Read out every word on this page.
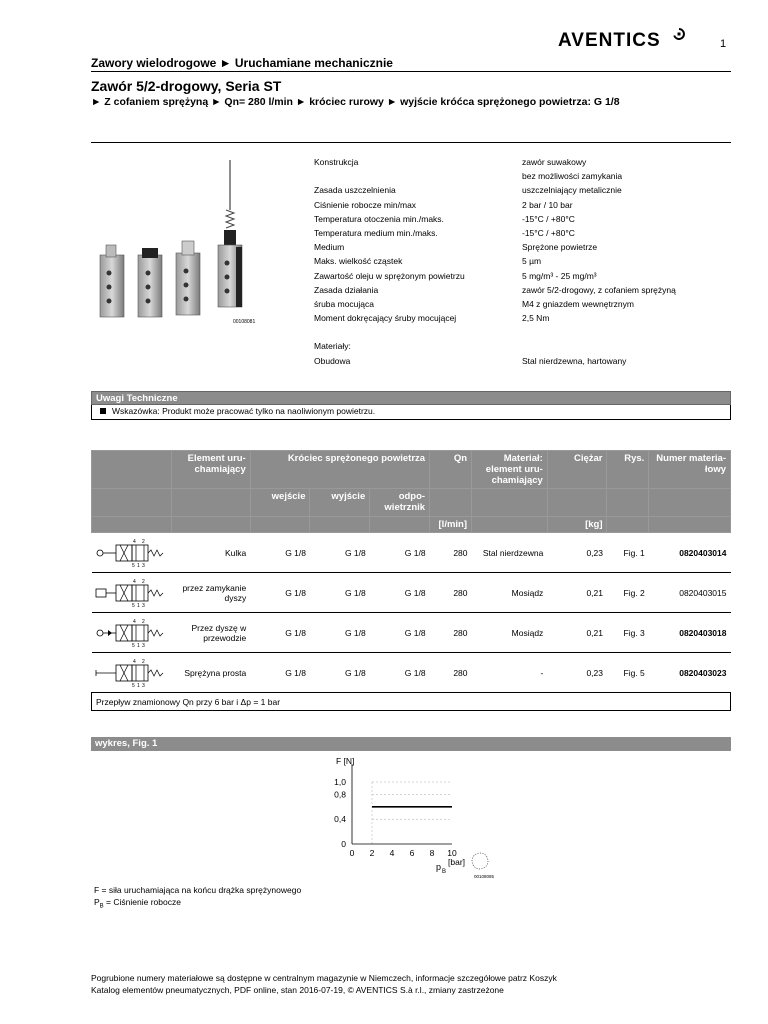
AVENTICS	1
Zawory wielodrogowe ► Uruchamiane mechanicznie
Zawór 5/2-drogowy, Seria ST
► Z cofaniem sprężyną ► Qn= 280 l/min ► króciec rurowy ► wyjście króćca sprężonego powietrza: G 1/8
00108081
Konstrukcja	zawór suwakowy
bez możliwości zamykania
Zasada uszczelnienia	uszczelniający metalicznie
Ciśnienie robocze min/max	2 bar / 10 bar
Temperatura otoczenia min./maks.	-15°C / +80°C
Temperatura medium min./maks.	-15°C / +80°C
Medium	Sprężone powietrze
Maks. wielkość cząstek	5 µm
Zawartość oleju w sprężonym powietrzu	5 mg/m³ - 25 mg/m³
Zasada działania	zawór 5/2-drogowy, z cofaniem sprężyną
śruba mocująca	M4 z gniazdem wewnętrznym
Moment dokręcający śruby mocującej	2,5 Nm
Materiały:
Obudowa	Stal nierdzewna, hartowany
Uwagi Techniczne
Wskazówka: Produkt może pracować tylko na naoliwionym powietrzu.
	Element uru-chamiający	Króciec sprężonego powietrza			Qn	Materiał: element uru-chamiający	Ciężar	Rys.	Numer materia-łowy
		wejście	wyjście	odpo-wietrznik					
					[l/min]		[kg]		

4 2
5 1 3	Kulka	G 1/8	G 1/8	G 1/8	280	Stal nierdzewna	0,23	Fig. 1	0820403014

4 2
5 1 3	przez zamykanie dyszy	G 1/8	G 1/8	G 1/8	280	Mosiądz	0,21	Fig. 2	0820403015

4 2
5 1 3	Przez dyszę w przewodzie	G 1/8	G 1/8	G 1/8	280	Mosiądz	0,21	Fig. 3	0820403018

4 2
5 1 3	Sprężyna prosta	G 1/8	G 1/8	G 1/8	280	-	0,23	Fig. 5	0820403023
Przepływ znamionowy Qn przy 6 bar i Δp = 1 bar									
wykres, Fig. 1
0
0,4
0,8
1,0
0 2 4 6 8 10
F [N]
p B
[bar]
00108085
F = siła uruchamiająca na końcu drążka sprężynowego
$P_B$ = Ciśnienie robocze
Pogrubione numery materiałowe są dostępne w centralnym magazynie w Niemczech, informacje szczegółowe patrz Koszyk
Katalog elementów pneumatycznych, PDF online, stan 2016-07-19, © AVENTICS S.à r.l., zmiany zastrzeżone
